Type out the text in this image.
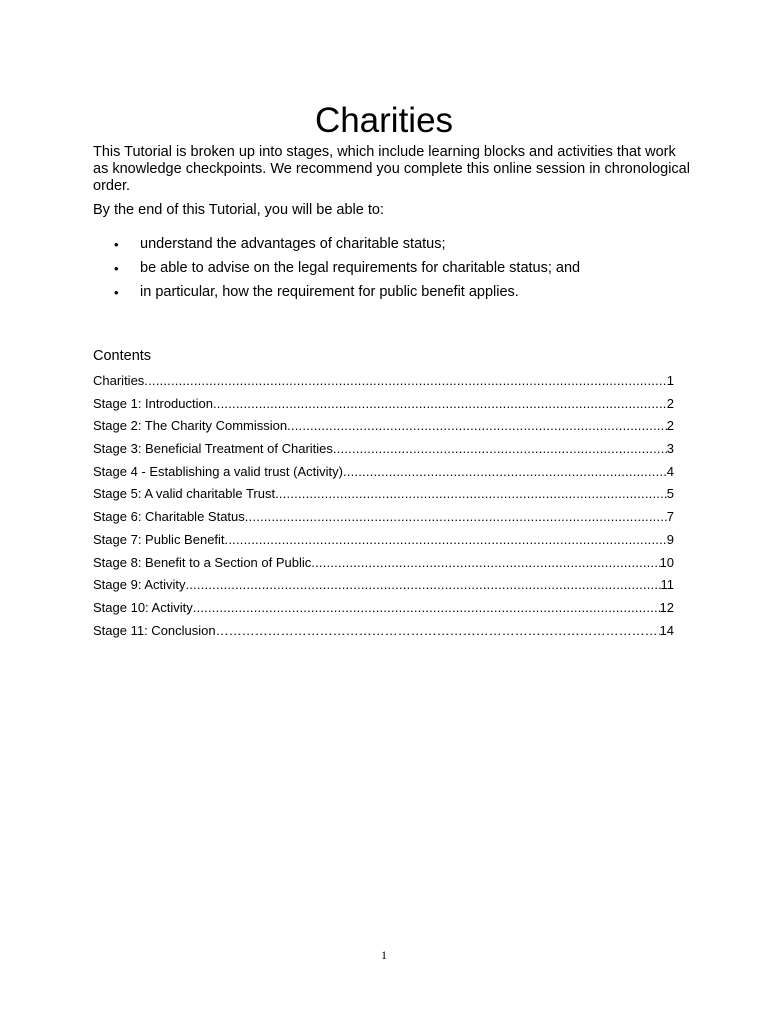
Charities

This Tutorial is broken up into stages, which include learning blocks and activities that work as knowledge checkpoints. We recommend you complete this online session in chronological order.

By the end of this Tutorial, you will be able to:

• understand the advantages of charitable status;
• be able to advise on the legal requirements for charitable status; and
• in particular, how the requirement for public benefit applies.
Contents
Charities .....	1
Stage 1: Introduction .....	2
Stage 2: The Charity Commission .....	2
Stage 3: Beneficial Treatment of Charities .....	3
Stage 4 - Establishing a valid trust (Activity) .....	4
Stage 5: A valid charitable Trust .....	5
Stage 6: Charitable Status .....	7
Stage 7: Public Benefit .....	9
Stage 8: Benefit to a Section of Public .....	10
Stage 9: Activity .....	11
Stage 10: Activity .....	12
Stage 11: Conclusion …………………………………………………………………………………………………………………………………………………………	14
1
